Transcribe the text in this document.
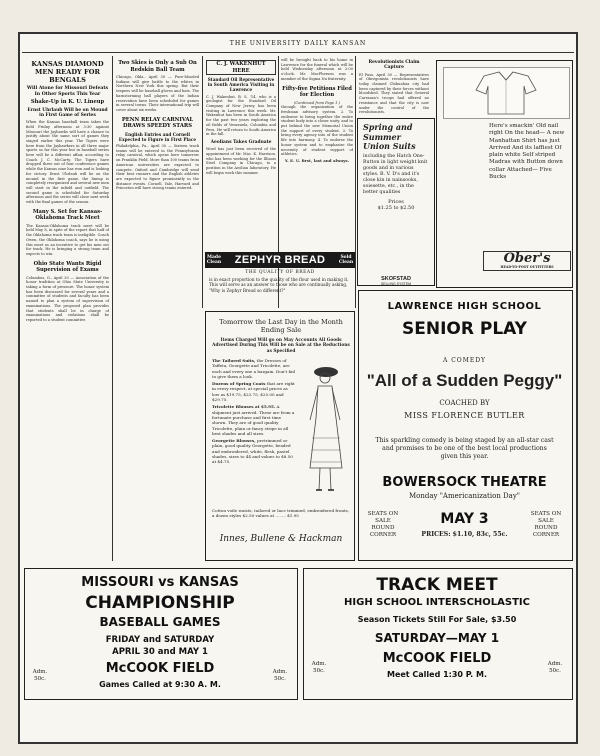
THE UNIVERSITY DAILY KANSAN
KANSAS DIAMOND MEN READY FOR BENGALS
Will Atone for Missouri Defeats In Other Sports This Year
Shake-Up in K. U. Lineup
Ernst Uhrlaub Will be on Mound in First Game of Series

When the Kansas baseball team takes the field Friday afternoon at 3:30 against Missouri the Jayhawks will have a chance to justify about the same sort of games they staged earlier this year. The Tigers were here from the Jayhawkers in all three major sports so far this year but in baseball series here will be a different affair, according to Coach J. C. McCarty. The Tigers have dropped three out of four conference games while the Kansas nine has won and is looking for victory. Ernst Uhrlaub will be on the mound in the first game, the lineup is completely reorganized and several new men will start in the infield and outfield. The second game is scheduled for Saturday afternoon and the series will close next week with the final games of the season.

Many S. Set for Kansas-Oklahoma Track Meet

The Kansas-Oklahoma track meet will be held May 8, in spite of the report that half of the Oklahoma track team is ineligible. Coach Owen, the Oklahoma coach, says he is using this meet as an incentive to get his men out for track. He is bringing a strong team and expects to win.

Ohio State Wants Rigid Supervision of Exams

Columbus, O., April 30 — Association of the honor tradition at Ohio State University is taking a form of pressure. The honor system has been discussed for several years and a committee of students and faculty has been named to plan a system of supervision of examinations. The proposed plan provides that students shall be in charge of examinations and violations shall be reported to a student committee.

Two Skies is Only a Sub On Redskin Ball Team

Chicago, Okla., April 30 — Pure-blooded Indians will give battle to the whites in Northern New York this spring. But their teepees will be baseball gloves and bats. The barnstorming ball players of the Indian reservation have been scheduled for games in several towns. Their international trip will cover about six weeks.

PENN RELAY CARNIVAL DRAWS SPEEDY STARS
English Entries and Cornell Expected to Figure in First Place

Philadelphia, Pa., April 30 — Sixteen track teams will be entered in the Pennsylvania relay carnival, which opens here tomorrow on Franklin Field. More than 100 teams from American universities are expected to compete. Oxford and Cambridge will send their best runners and the English athletes are expected to figure prominently in the distance events. Cornell, Yale, Harvard and Princeton will have strong teams entered.

C. J. WAKENHUT HERE
Standard Oil Representative in South America Visiting in Lawrence

C. J. Wakenhut, B. S. '14, who is a geologist for the Standard Oil Company of New Jersey, has been visiting in Lawrence this week. Mr. Wakenhut has been in South America for the past two years exploring the oil fields of Venezuela, Colombia and Peru. He will return to South America in the fall.

Aeolians Takes Graduate

Word has just been received of the appointment of Mr. Mac. K. Harrison, who has been working for the Illinois Steel Company in Chicago, to a position in the Aeolian laboratory. He will begin work this summer.

will be brought back to his home in Lawrence for the funeral which will be held Wednesday afternoon at 2:00 o'clock. Mr. MacPherson was a member of the Sigma Nu fraternity.

Fifty-five Petitions Filed for Election
(Continued from Page 1.)

through the organization of the freshman advisory system. 2. To endeavor to bring together the entire student body into a closer unity, and to put behind the new Memorial Union the support of every student. 3. To bring every agency into of the student life into harmony. 4. To endorse the honor system and to emphasize the necessity of student support of athletics.

Y. E. U. first, last and always.
Revolutionists Claim Capture

El Paso, April 30 — Representatives of Obregonista revolutionists have today claimed Chihuahua city had been captured by their forces without bloodshed. They stated that General Carranza's troops had offered no resistance and that the city is now under the control of the revolutionists.

Spring and Summer Union Suits
including the Hatch One-Button in light weight knit goods and in various styles. B. V. D's and it's close kin in nainsooks, soiesette, etc., in the better qualities
Prices
$1.25 to $2.50
SKOFSTAD
SELLING SYSTEM
Here's smackin' Old nail right On the head— A new Manhattan Shirt has just Arrived And its laffiest Of plain white Self striped Madras with Button down collar Attached— Five Bucks
Ober's
HEAD-TO-FOOT OUTFITTERS
Made Clean	ZEPHYR BREAD	Sold Clean
THE QUALITY OF BREAD
is in exact proportion to the quality of the flour used in making it. This will serve as an answer to those who are continually asking, "Why is Zephyr Bread so different?"
Tomorrow the Last Day in the Month Ending Sale
Items Charged Will go on May Accounts All Goods Advertised During This Will be on Sale at the Reductions as Specified

The Tailored Suits, the Dresses of Taffeta, Georgette and Tricolette, are each and every one a bargain. Don't fail to give them a look.

Dozens of Spring Coats that are right in every respect, at special prices as low as $19.75, $23.75, $25.00 and $29.75.

Tricolette Blouses at $5.95. A shipment just arrived. These are from a fortunate purchase and first time shown. They are of good quality Tricolette, plain or fancy stripe in all best shades and all sizes.

Georgette Blouses, pretrimmed or plain, good quality Georgette, beaded and embroidered, white, flesh, pastel shades, sizes to 44 and values to $8.50 at $4.75.

Cotton voile waists, tailored or lace trimmed, embroidered fronts, a dozen styles $2.50 values at ........ $1.95
Innes, Bullene & Hackman
LAWRENCE HIGH SCHOOL
SENIOR PLAY
A COMEDY
"All of a Sudden Peggy"
COACHED BY
MISS FLORENCE BUTLER
This sparkling comedy is being staged by an all-star cast and promises to be one of the best local productions given this year.
BOWERSOCK THEATRE
Monday "Americanization Day"
SEATS ON SALE ROUND CORNER
MAY 3
PRICES: $1.10, 83c, 55c.
SEATS ON SALE ROUND CORNER
MISSOURI vs KANSAS
CHAMPIONSHIP
BASEBALL GAMES
FRIDAY and SATURDAY
APRIL 30 and MAY 1
McCOOK FIELD
Games Called at 9:30 A. M.
Adm. 50c.
Adm. 50c.
TRACK MEET
HIGH SCHOOL INTERSCHOLASTIC
Season Tickets Still For Sale, $3.50
SATURDAY—MAY 1
McCOOK FIELD
Meet Called 1:30 P. M.
Adm. 50c.
Adm. 50c.
